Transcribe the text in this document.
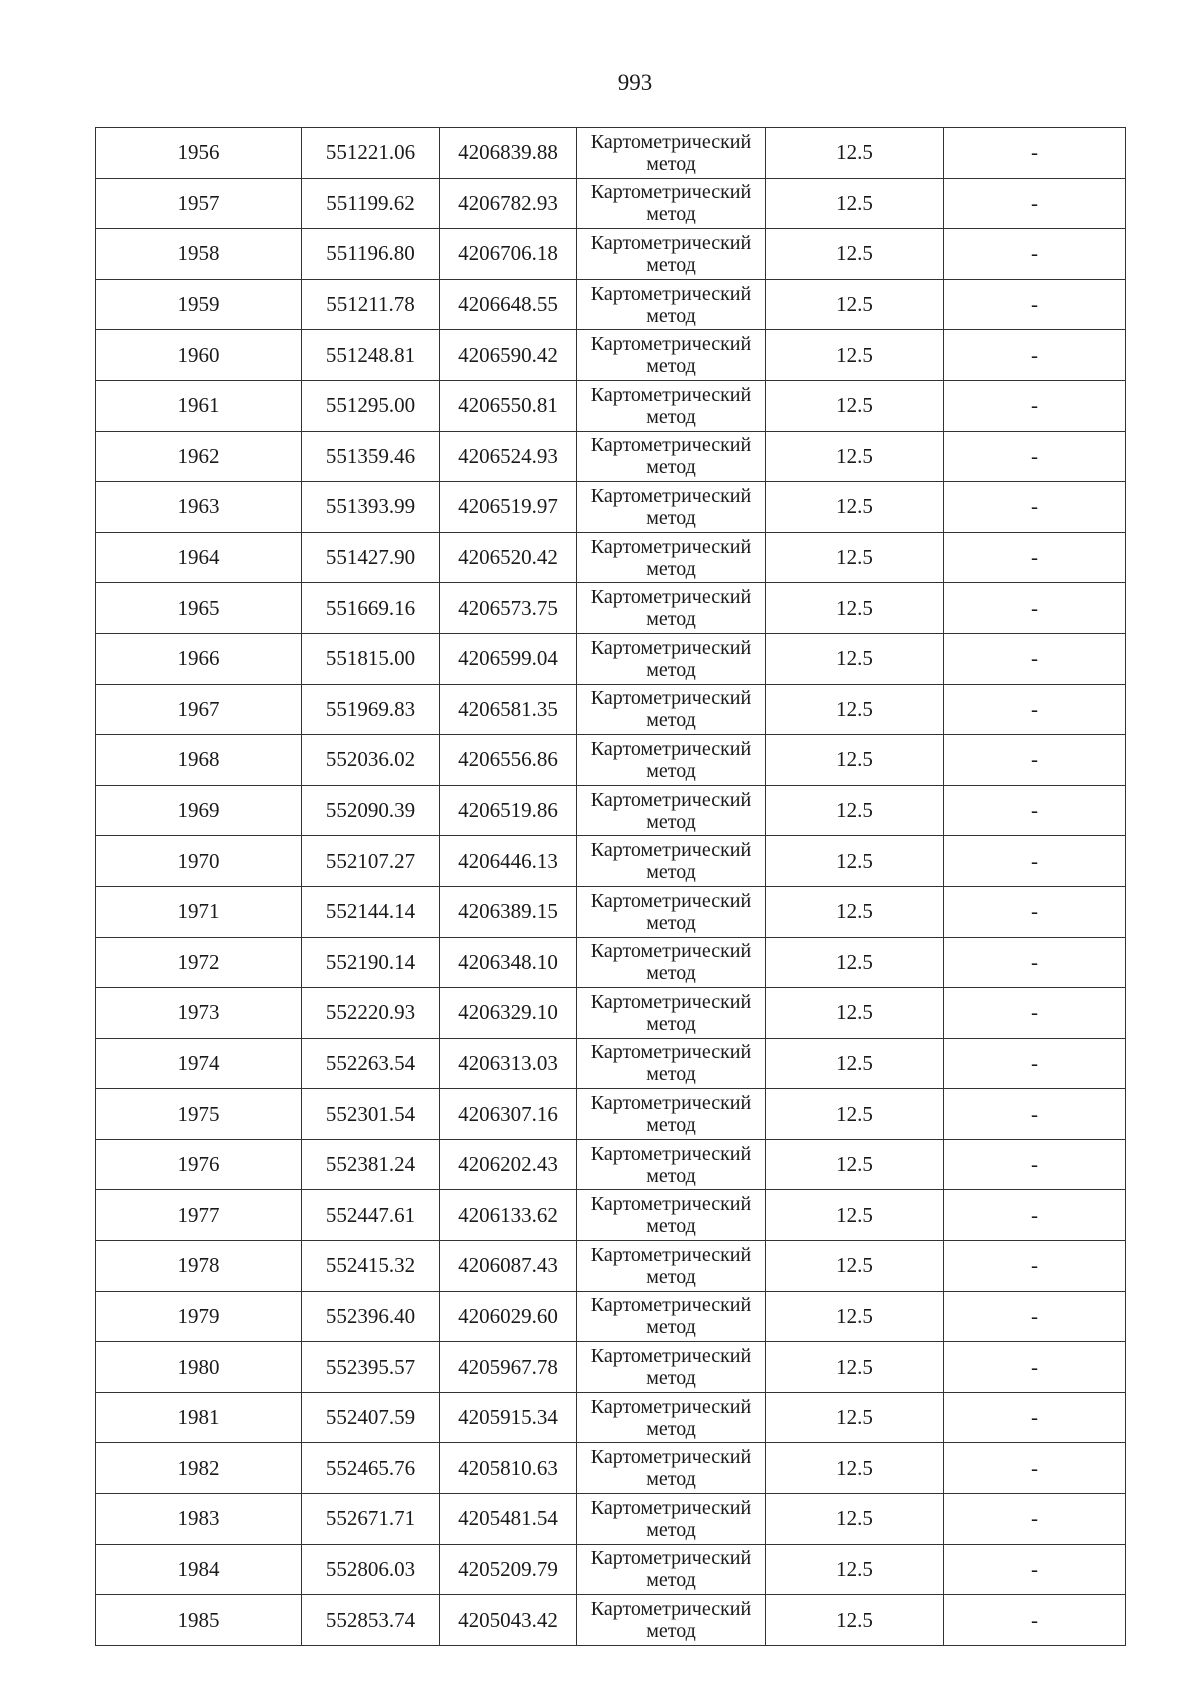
993
1956	551221.06	4206839.88	Картометрический метод	12.5	-
1957	551199.62	4206782.93	Картометрический метод	12.5	-
1958	551196.80	4206706.18	Картометрический метод	12.5	-
1959	551211.78	4206648.55	Картометрический метод	12.5	-
1960	551248.81	4206590.42	Картометрический метод	12.5	-
1961	551295.00	4206550.81	Картометрический метод	12.5	-
1962	551359.46	4206524.93	Картометрический метод	12.5	-
1963	551393.99	4206519.97	Картометрический метод	12.5	-
1964	551427.90	4206520.42	Картометрический метод	12.5	-
1965	551669.16	4206573.75	Картометрический метод	12.5	-
1966	551815.00	4206599.04	Картометрический метод	12.5	-
1967	551969.83	4206581.35	Картометрический метод	12.5	-
1968	552036.02	4206556.86	Картометрический метод	12.5	-
1969	552090.39	4206519.86	Картометрический метод	12.5	-
1970	552107.27	4206446.13	Картометрический метод	12.5	-
1971	552144.14	4206389.15	Картометрический метод	12.5	-
1972	552190.14	4206348.10	Картометрический метод	12.5	-
1973	552220.93	4206329.10	Картометрический метод	12.5	-
1974	552263.54	4206313.03	Картометрический метод	12.5	-
1975	552301.54	4206307.16	Картометрический метод	12.5	-
1976	552381.24	4206202.43	Картометрический метод	12.5	-
1977	552447.61	4206133.62	Картометрический метод	12.5	-
1978	552415.32	4206087.43	Картометрический метод	12.5	-
1979	552396.40	4206029.60	Картометрический метод	12.5	-
1980	552395.57	4205967.78	Картометрический метод	12.5	-
1981	552407.59	4205915.34	Картометрический метод	12.5	-
1982	552465.76	4205810.63	Картометрический метод	12.5	-
1983	552671.71	4205481.54	Картометрический метод	12.5	-
1984	552806.03	4205209.79	Картометрический метод	12.5	-
1985	552853.74	4205043.42	Картометрический метод	12.5	-
